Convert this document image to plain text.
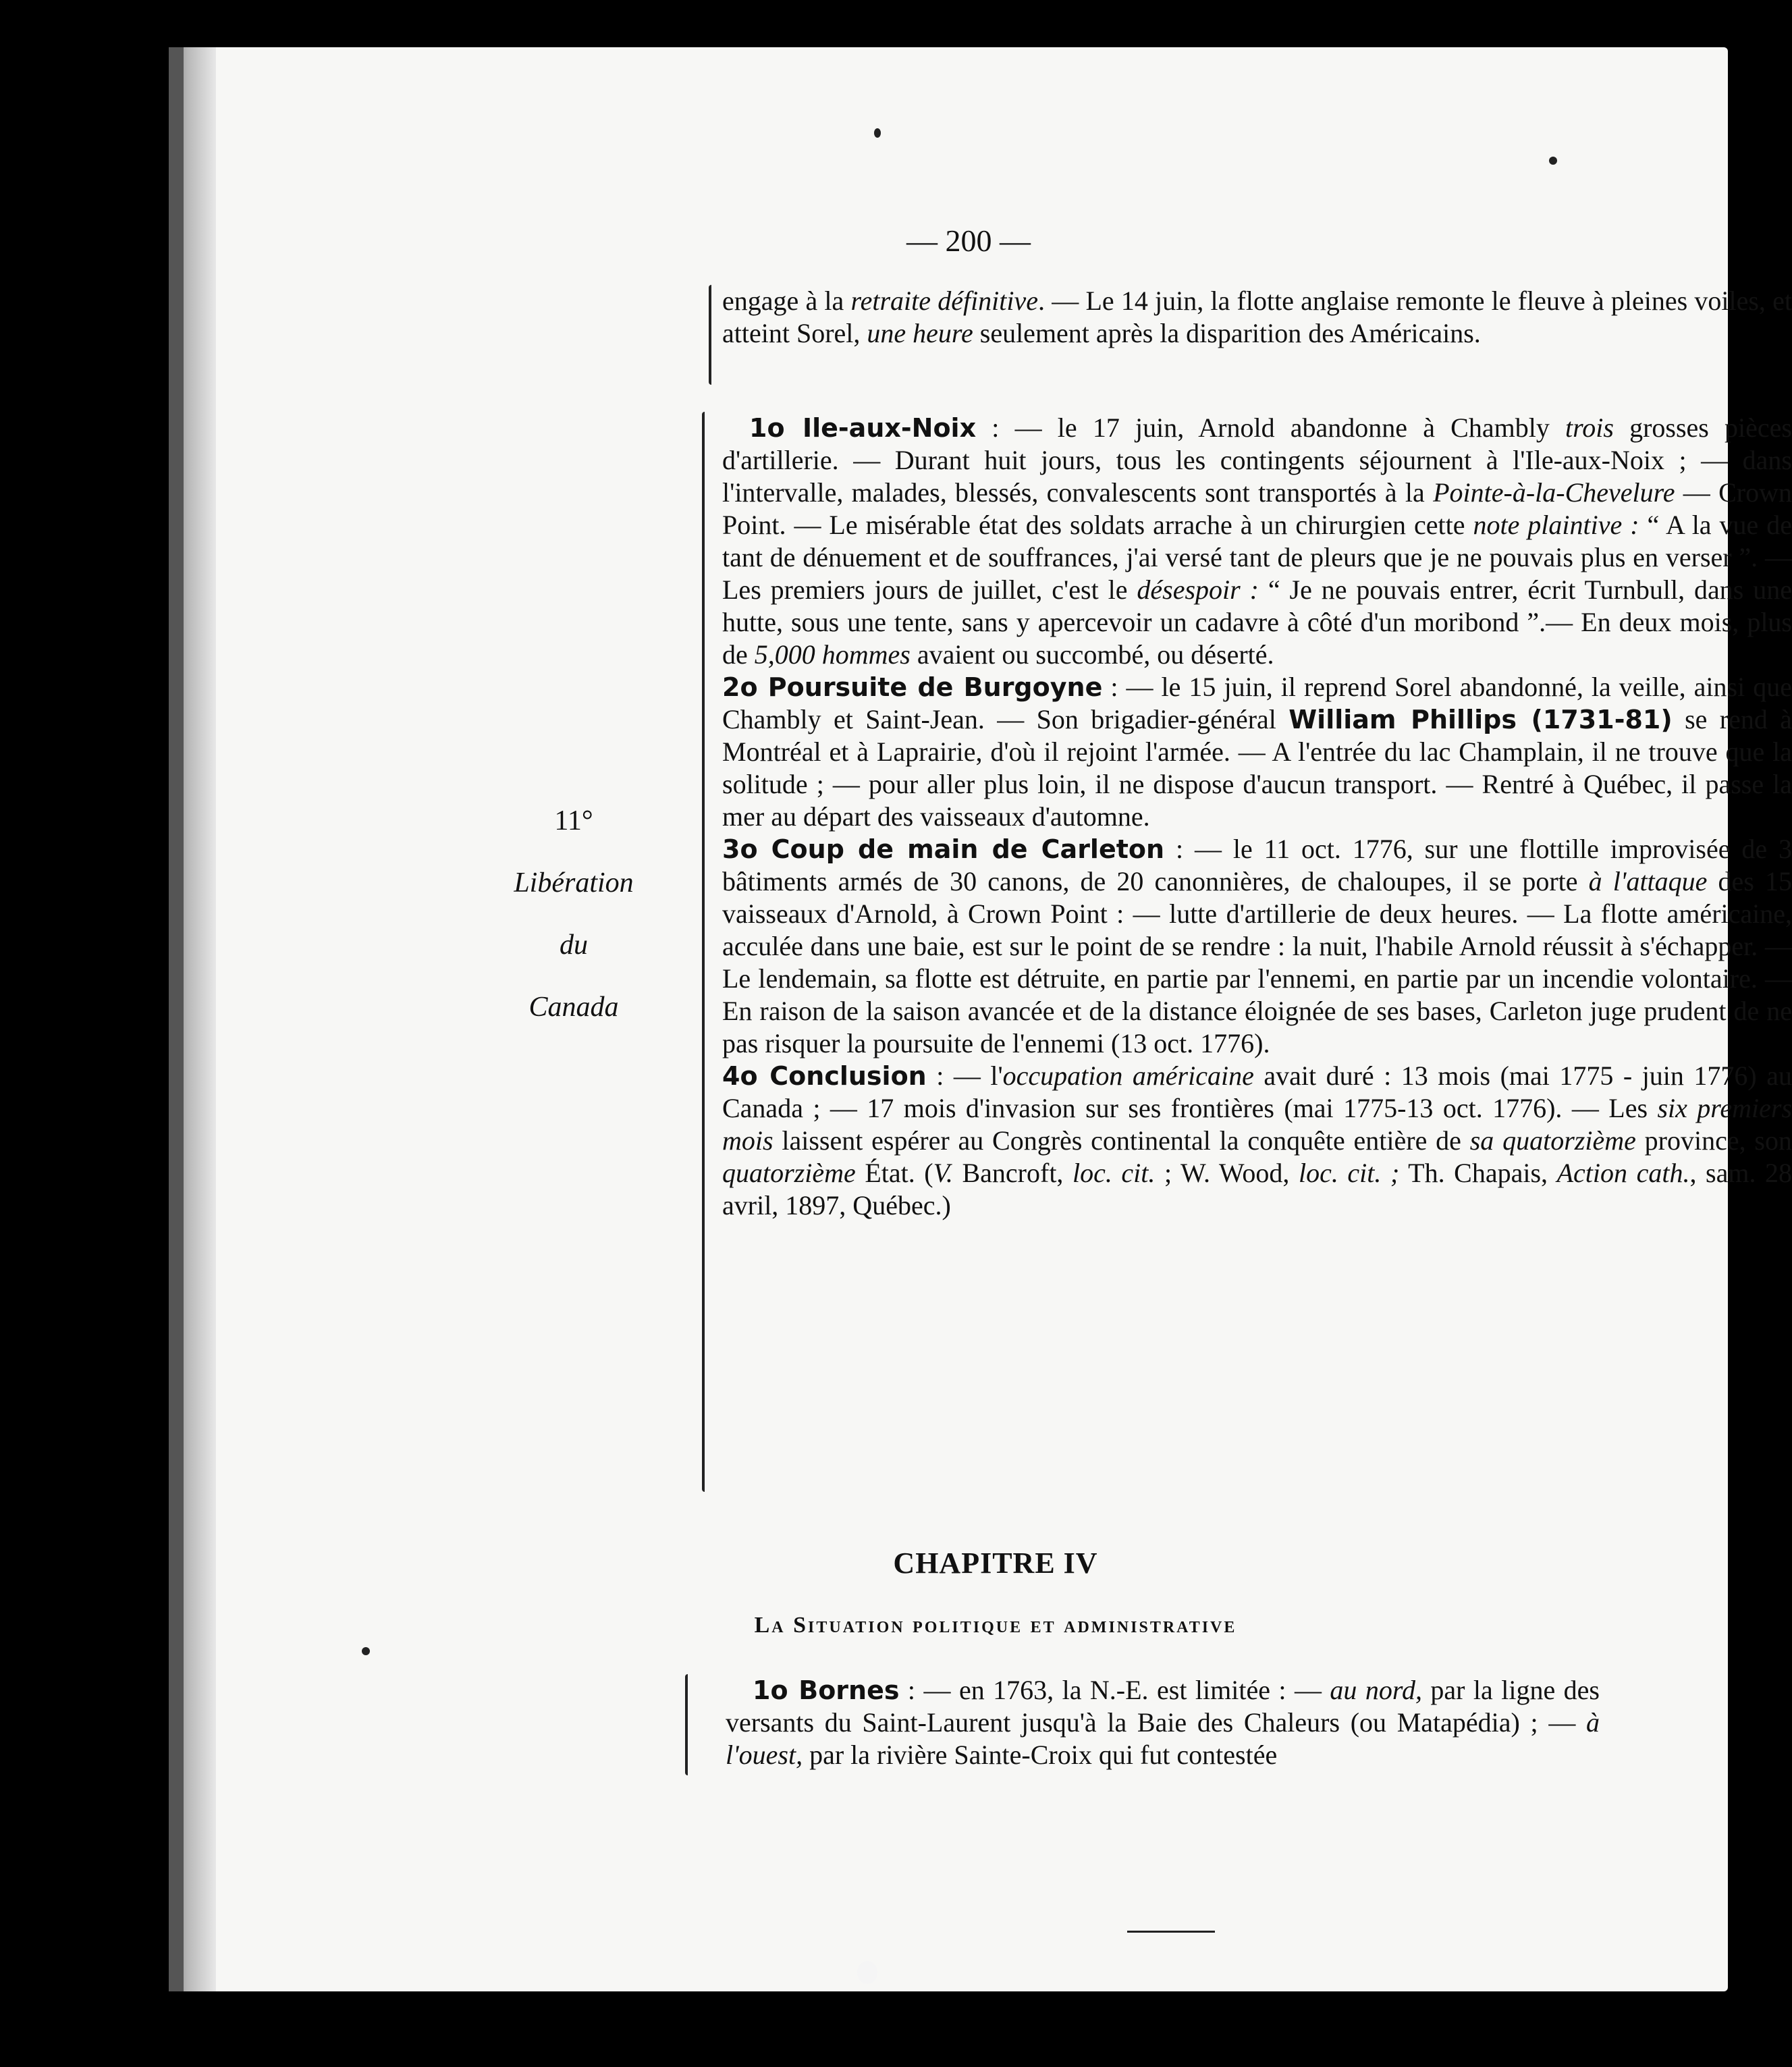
— 200 —

engage à la retraite définitive. — Le 14 juin, la flotte anglaise remonte le fleuve à pleines voiles, et atteint Sorel, une heure seulement après la disparition des Américains.

11°
Libération
du
Canada

1o Ile-aux-Noix : — le 17 juin, Arnold abandonne à Chambly trois grosses pièces d'artillerie. — Durant huit jours, tous les contingents séjournent à l'Ile-aux-Noix ; — dans l'intervalle, malades, blessés, convalescents sont transportés à la Pointe-à-la-Chevelure — Crown Point. — Le misérable état des soldats arrache à un chirurgien cette note plaintive : “ A la vue de tant de dénuement et de souffrances, j'ai versé tant de pleurs que je ne pouvais plus en verser ”. — Les premiers jours de juillet, c'est le désespoir : “ Je ne pouvais entrer, écrit Turnbull, dans une hutte, sous une tente, sans y apercevoir un cadavre à côté d'un moribond ”.— En deux mois, plus de 5,000 hommes avaient ou succombé, ou déserté.

2o Poursuite de Burgoyne : — le 15 juin, il reprend Sorel abandonné, la veille, ainsi que Chambly et Saint-Jean. — Son brigadier-général William Phillips (1731-81) se rend à Montréal et à Laprairie, d'où il rejoint l'armée. — A l'entrée du lac Champlain, il ne trouve que la solitude ; — pour aller plus loin, il ne dispose d'aucun transport. — Rentré à Québec, il passe la mer au départ des vaisseaux d'automne.

3o Coup de main de Carleton : — le 11 oct. 1776, sur une flottille improvisée de 3 bâtiments armés de 30 canons, de 20 canonnières, de chaloupes, il se porte à l'attaque des 15 vaisseaux d'Arnold, à Crown Point : — lutte d'artillerie de deux heures. — La flotte américaine, acculée dans une baie, est sur le point de se rendre : la nuit, l'habile Arnold réussit à s'échapper. — Le lendemain, sa flotte est détruite, en partie par l'ennemi, en partie par un incendie volontaire. — En raison de la saison avancée et de la distance éloignée de ses bases, Carleton juge prudent de ne pas risquer la poursuite de l'ennemi (13 oct. 1776).

4o Conclusion : — l'occupation américaine avait duré : 13 mois (mai 1775 - juin 1776) au Canada ; — 17 mois d'invasion sur ses frontières (mai 1775-13 oct. 1776). — Les six premiers mois laissent espérer au Congrès continental la conquête entière de sa quatorzième province, son quatorzième État. (V. Bancroft, loc. cit. ; W. Wood, loc. cit. ; Th. Chapais, Action cath., sam. 28 avril, 1897, Québec.)

CHAPITRE IV
La Situation politique et administrative

1o Bornes : — en 1763, la N.-E. est limitée : — au nord, par la ligne des versants du Saint-Laurent jusqu'à la Baie des Chaleurs (ou Matapédia) ; — à l'ouest, par la rivière Sainte-Croix qui fut contestée
